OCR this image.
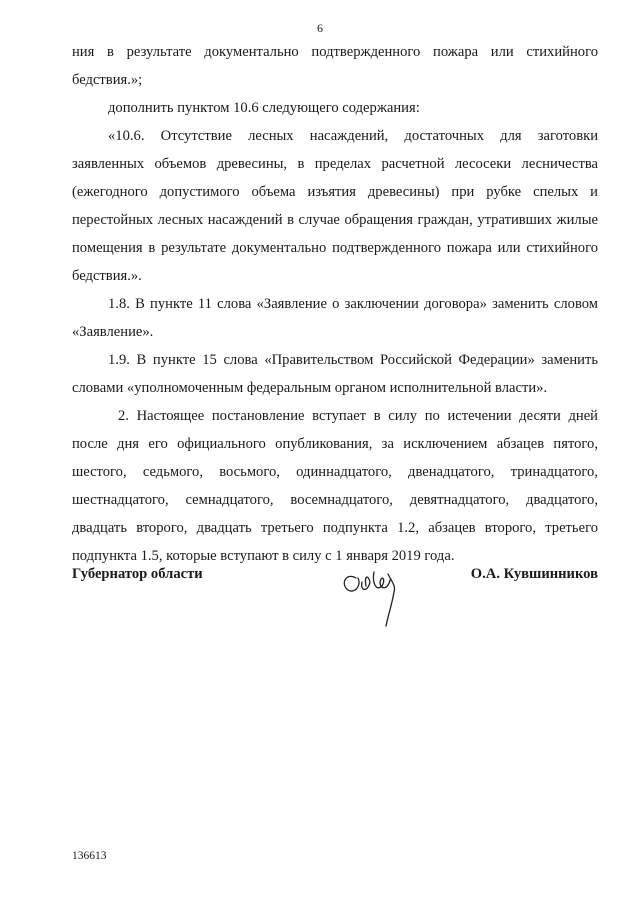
6

ния в результате документально подтвержденного пожара или стихийного бедствия.»;

дополнить пунктом 10.6 следующего содержания:

«10.6. Отсутствие лесных насаждений, достаточных для заготовки заявленных объемов древесины, в пределах расчетной лесосеки лесничества (ежегодного допустимого объема изъятия древесины) при рубке спелых и перестойных лесных насаждений в случае обращения граждан, утративших жилые помещения в результате документально подтвержденного пожара или стихийного бедствия.».

1.8. В пункте 11 слова «Заявление о заключении договора» заменить словом «Заявление».

1.9. В пункте 15 слова «Правительством Российской Федерации» заменить словами «уполномоченным федеральным органом исполнительной власти».

2. Настоящее постановление вступает в силу по истечении десяти дней после дня его официального опубликования, за исключением абзацев пятого, шестого, седьмого, восьмого, одиннадцатого, двенадцатого, тринадцатого, шестнадцатого, семнадцатого, восемнадцатого, девятнадцатого, двадцатого, двадцать второго, двадцать третьего подпункта 1.2, абзацев второго, третьего подпункта 1.5, которые вступают в силу с 1 января 2019 года.

Губернатор области	О.А. Кувшинников
136613
